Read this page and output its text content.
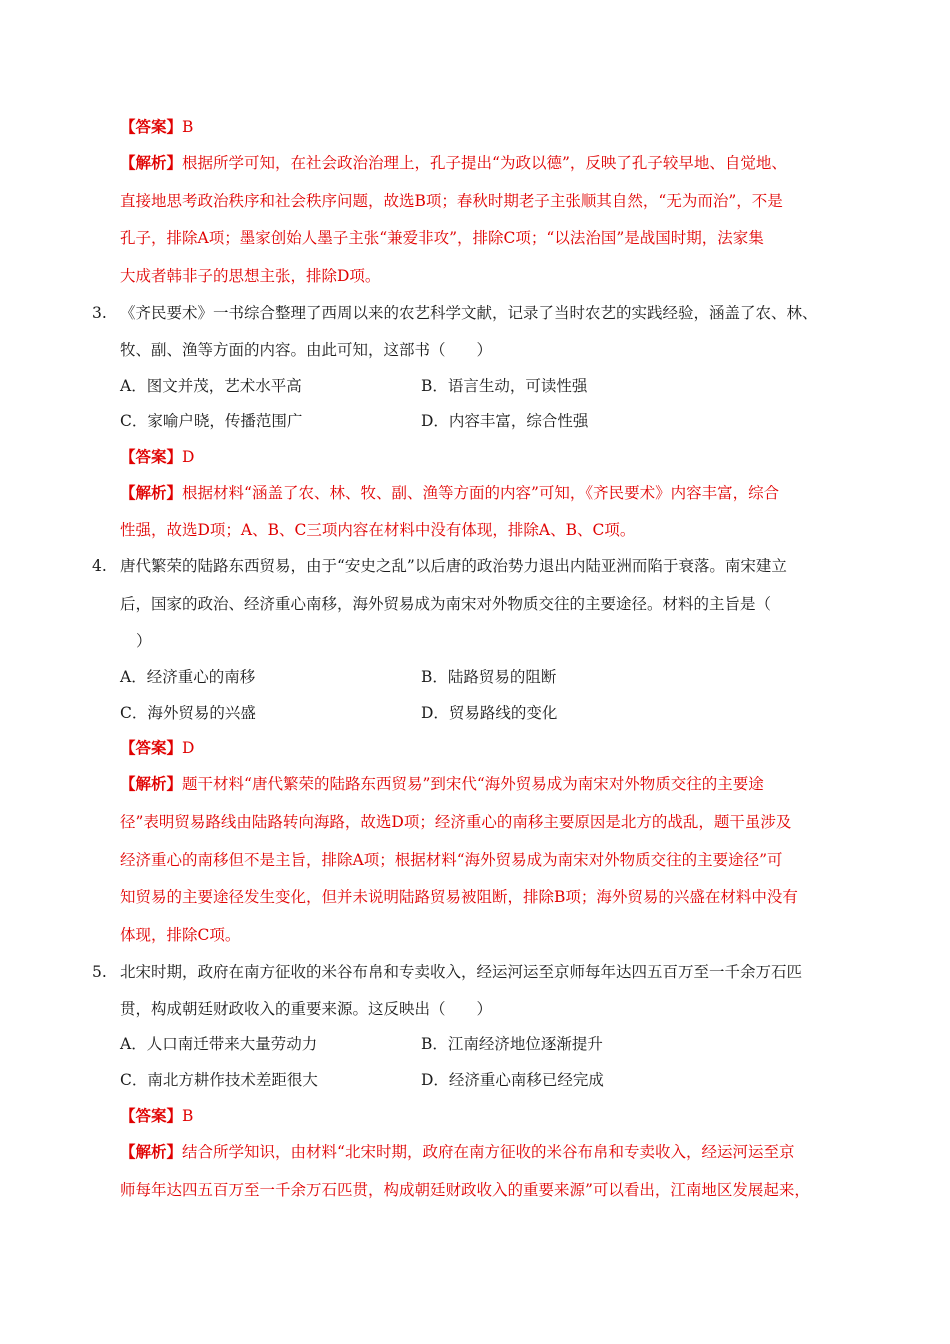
【答案】B
【解析】根据所学可知，在社会政治治理上，孔子提出“为政以德”，反映了孔子较早地、自觉地、
直接地思考政治秩序和社会秩序问题，故选B项；春秋时期老子主张顺其自然，“无为而治”，不是
孔子，排除A项；墨家创始人墨子主张“兼爱非攻”，排除C项；“以法治国”是战国时期，法家集
大成者韩非子的思想主张，排除D项。
3. 《齐民要术》一书综合整理了西周以来的农艺科学文献，记录了当时农艺的实践经验，涵盖了农、林、
牧、副、渔等方面的内容。由此可知，这部书（　　）
A．图文并茂，艺术水平高	B．语言生动，可读性强
C．家喻户晓，传播范围广	D．内容丰富，综合性强
【答案】D
【解析】根据材料“涵盖了农、林、牧、副、渔等方面的内容”可知，《齐民要术》内容丰富，综合
性强，故选D项；A、B、C三项内容在材料中没有体现，排除A、B、C项。
4. 唐代繁荣的陆路东西贸易，由于“安史之乱”以后唐的政治势力退出内陆亚洲而陷于衰落。南宋建立
后，国家的政治、经济重心南移，海外贸易成为南宋对外物质交往的主要途径。材料的主旨是（
）
A．经济重心的南移	B．陆路贸易的阻断
C．海外贸易的兴盛	D．贸易路线的变化
【答案】D
【解析】题干材料“唐代繁荣的陆路东西贸易”到宋代“海外贸易成为南宋对外物质交往的主要途
径”表明贸易路线由陆路转向海路，故选D项；经济重心的南移主要原因是北方的战乱，题干虽涉及
经济重心的南移但不是主旨，排除A项；根据材料“海外贸易成为南宋对外物质交往的主要途径”可
知贸易的主要途径发生变化，但并未说明陆路贸易被阻断，排除B项；海外贸易的兴盛在材料中没有
体现，排除C项。
5. 北宋时期，政府在南方征收的米谷布帛和专卖收入，经运河运至京师每年达四五百万至一千余万石匹
贯，构成朝廷财政收入的重要来源。这反映出（　　）
A．人口南迁带来大量劳动力	B．江南经济地位逐渐提升
C．南北方耕作技术差距很大	D．经济重心南移已经完成
【答案】B
【解析】结合所学知识，由材料“北宋时期，政府在南方征收的米谷布帛和专卖收入，经运河运至京
师每年达四五百万至一千余万石匹贯，构成朝廷财政收入的重要来源”可以看出，江南地区发展起来，
